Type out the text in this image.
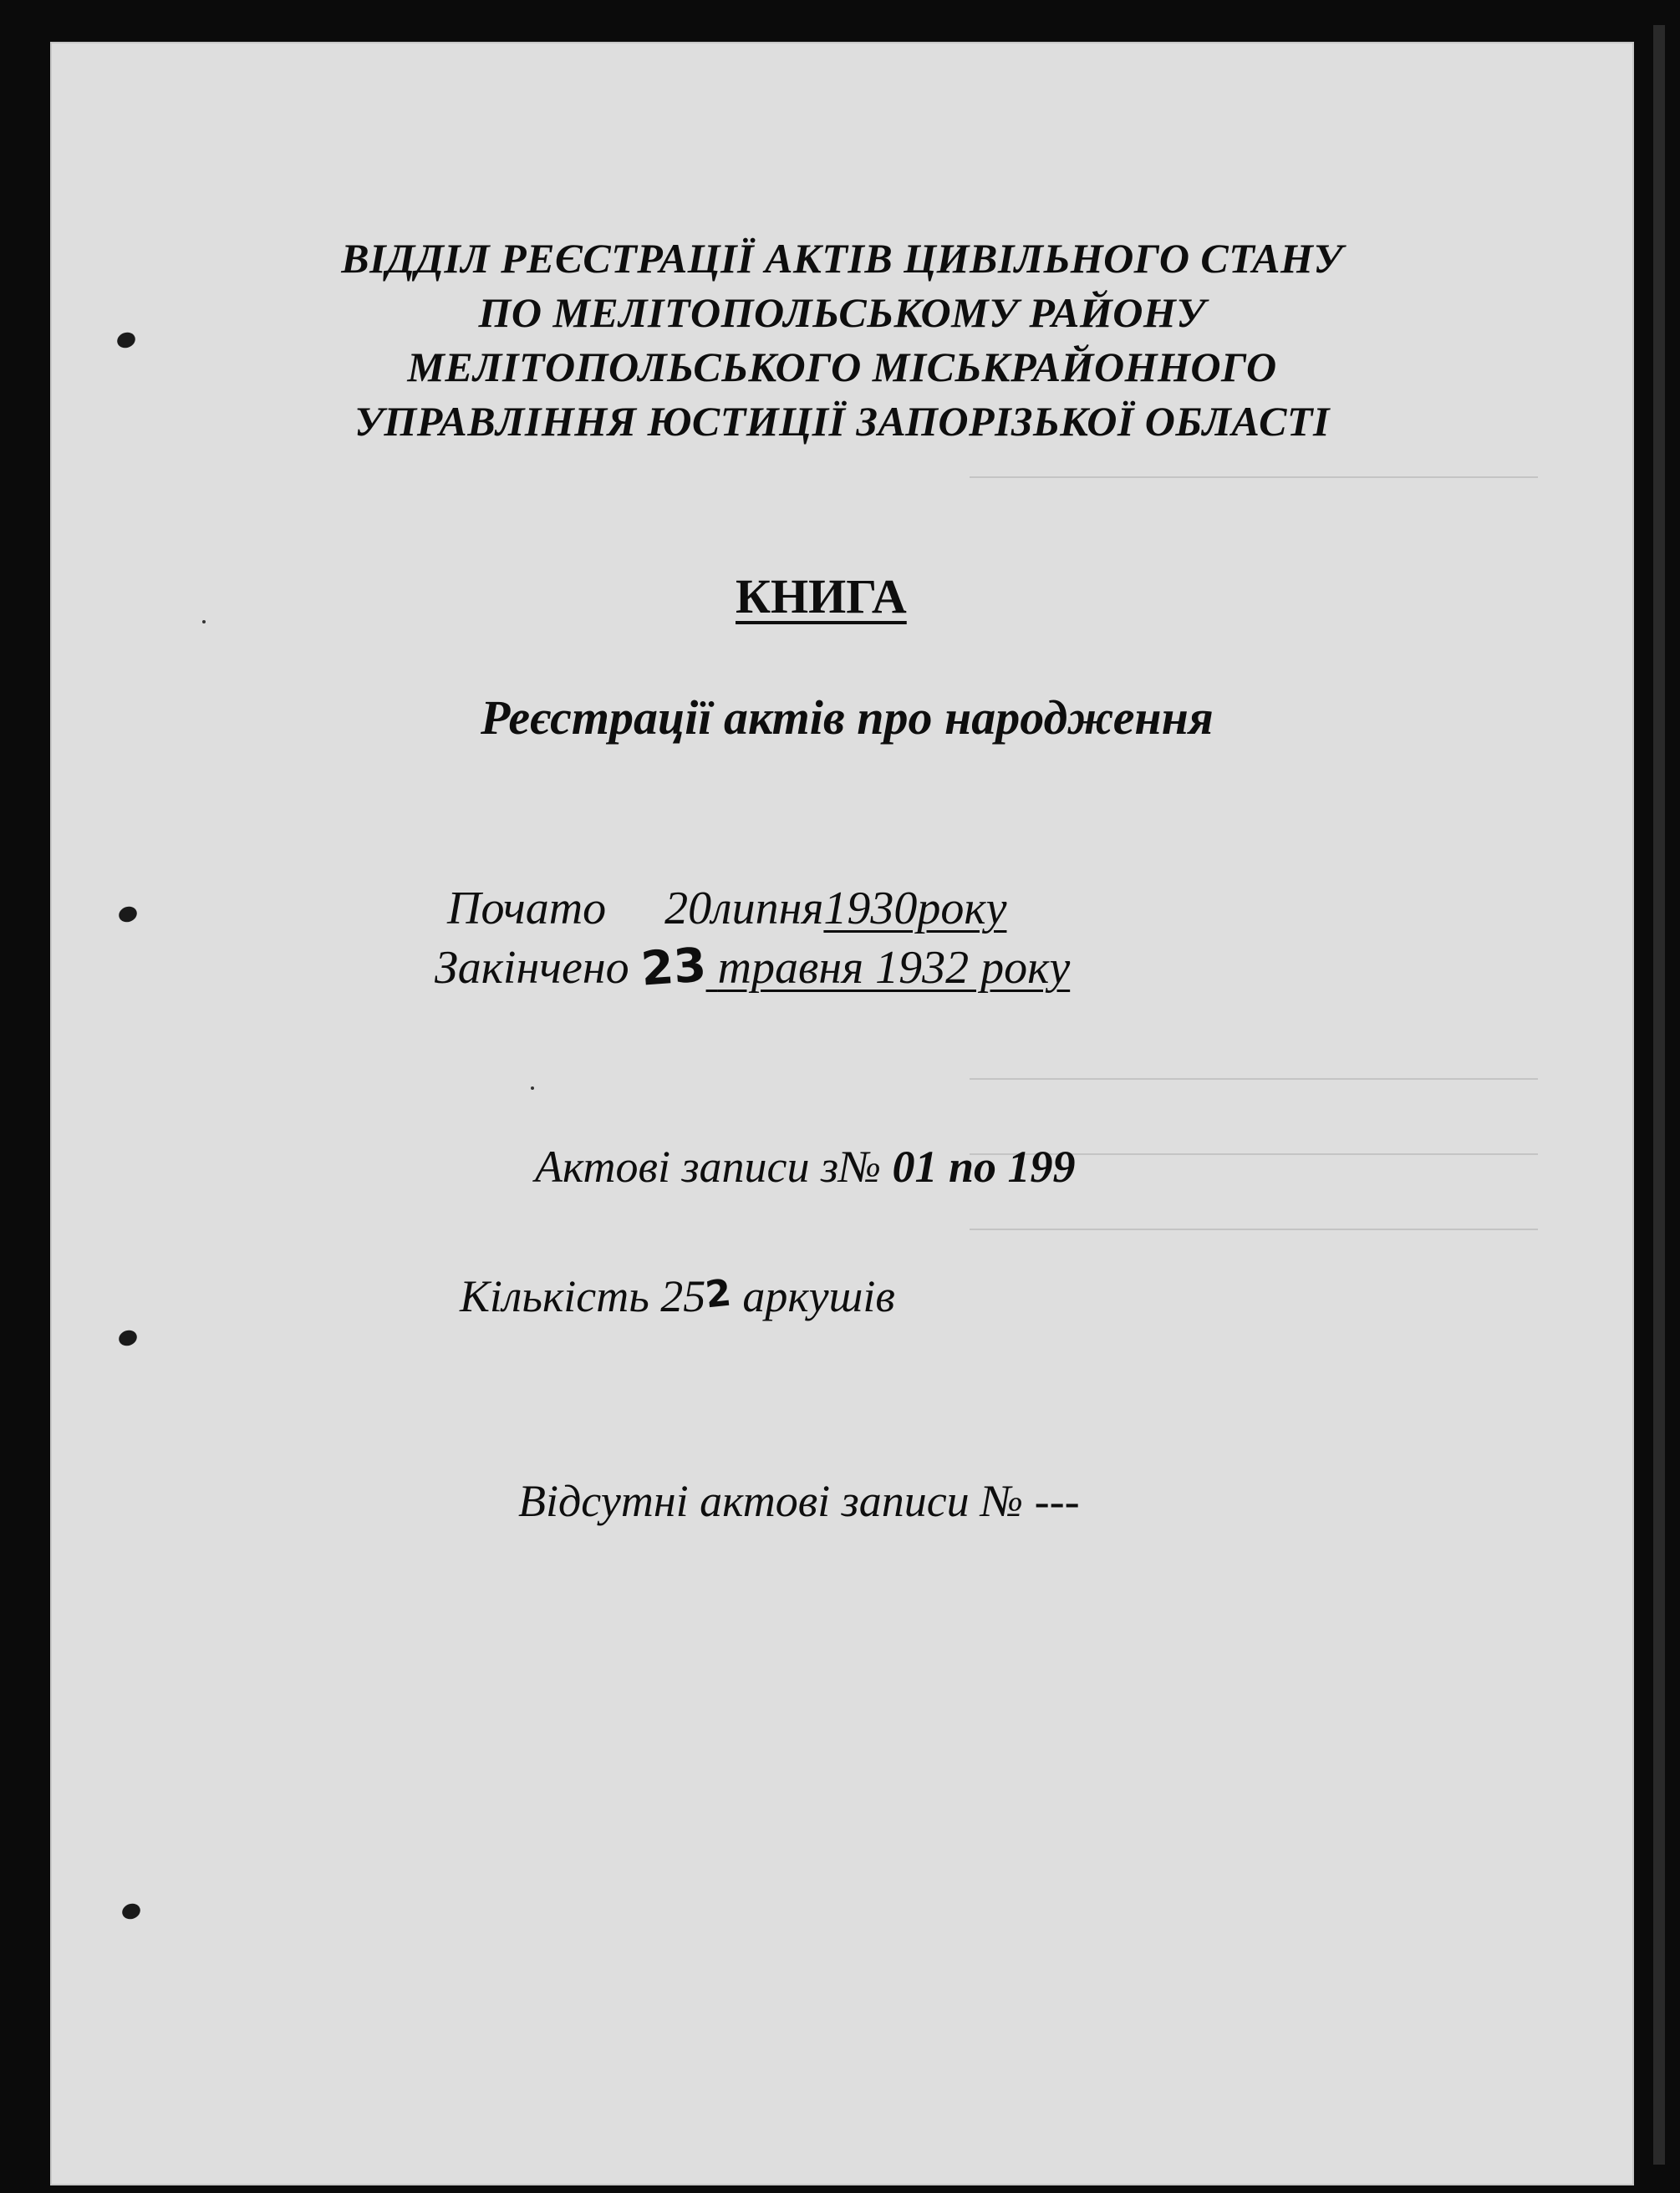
ВІДДІЛ РЕЄСТРАЦІЇ АКТІВ ЦИВІЛЬНОГО СТАНУ
ПО МЕЛІТОПОЛЬСЬКОМУ РАЙОНУ
МЕЛІТОПОЛЬСЬКОГО МІСЬКРАЙОННОГО
УПРАВЛІННЯ ЮСТИЦІЇ ЗАПОРІЗЬКОЇ ОБЛАСТІ
КНИГА
Реєстрації актів про народження
Почато 20липня1930року
Закінчено 23 травня 1932 року
Актові записи з№ 01 по 199
Кількість 252 аркушів
Відсутні актові записи № ---
